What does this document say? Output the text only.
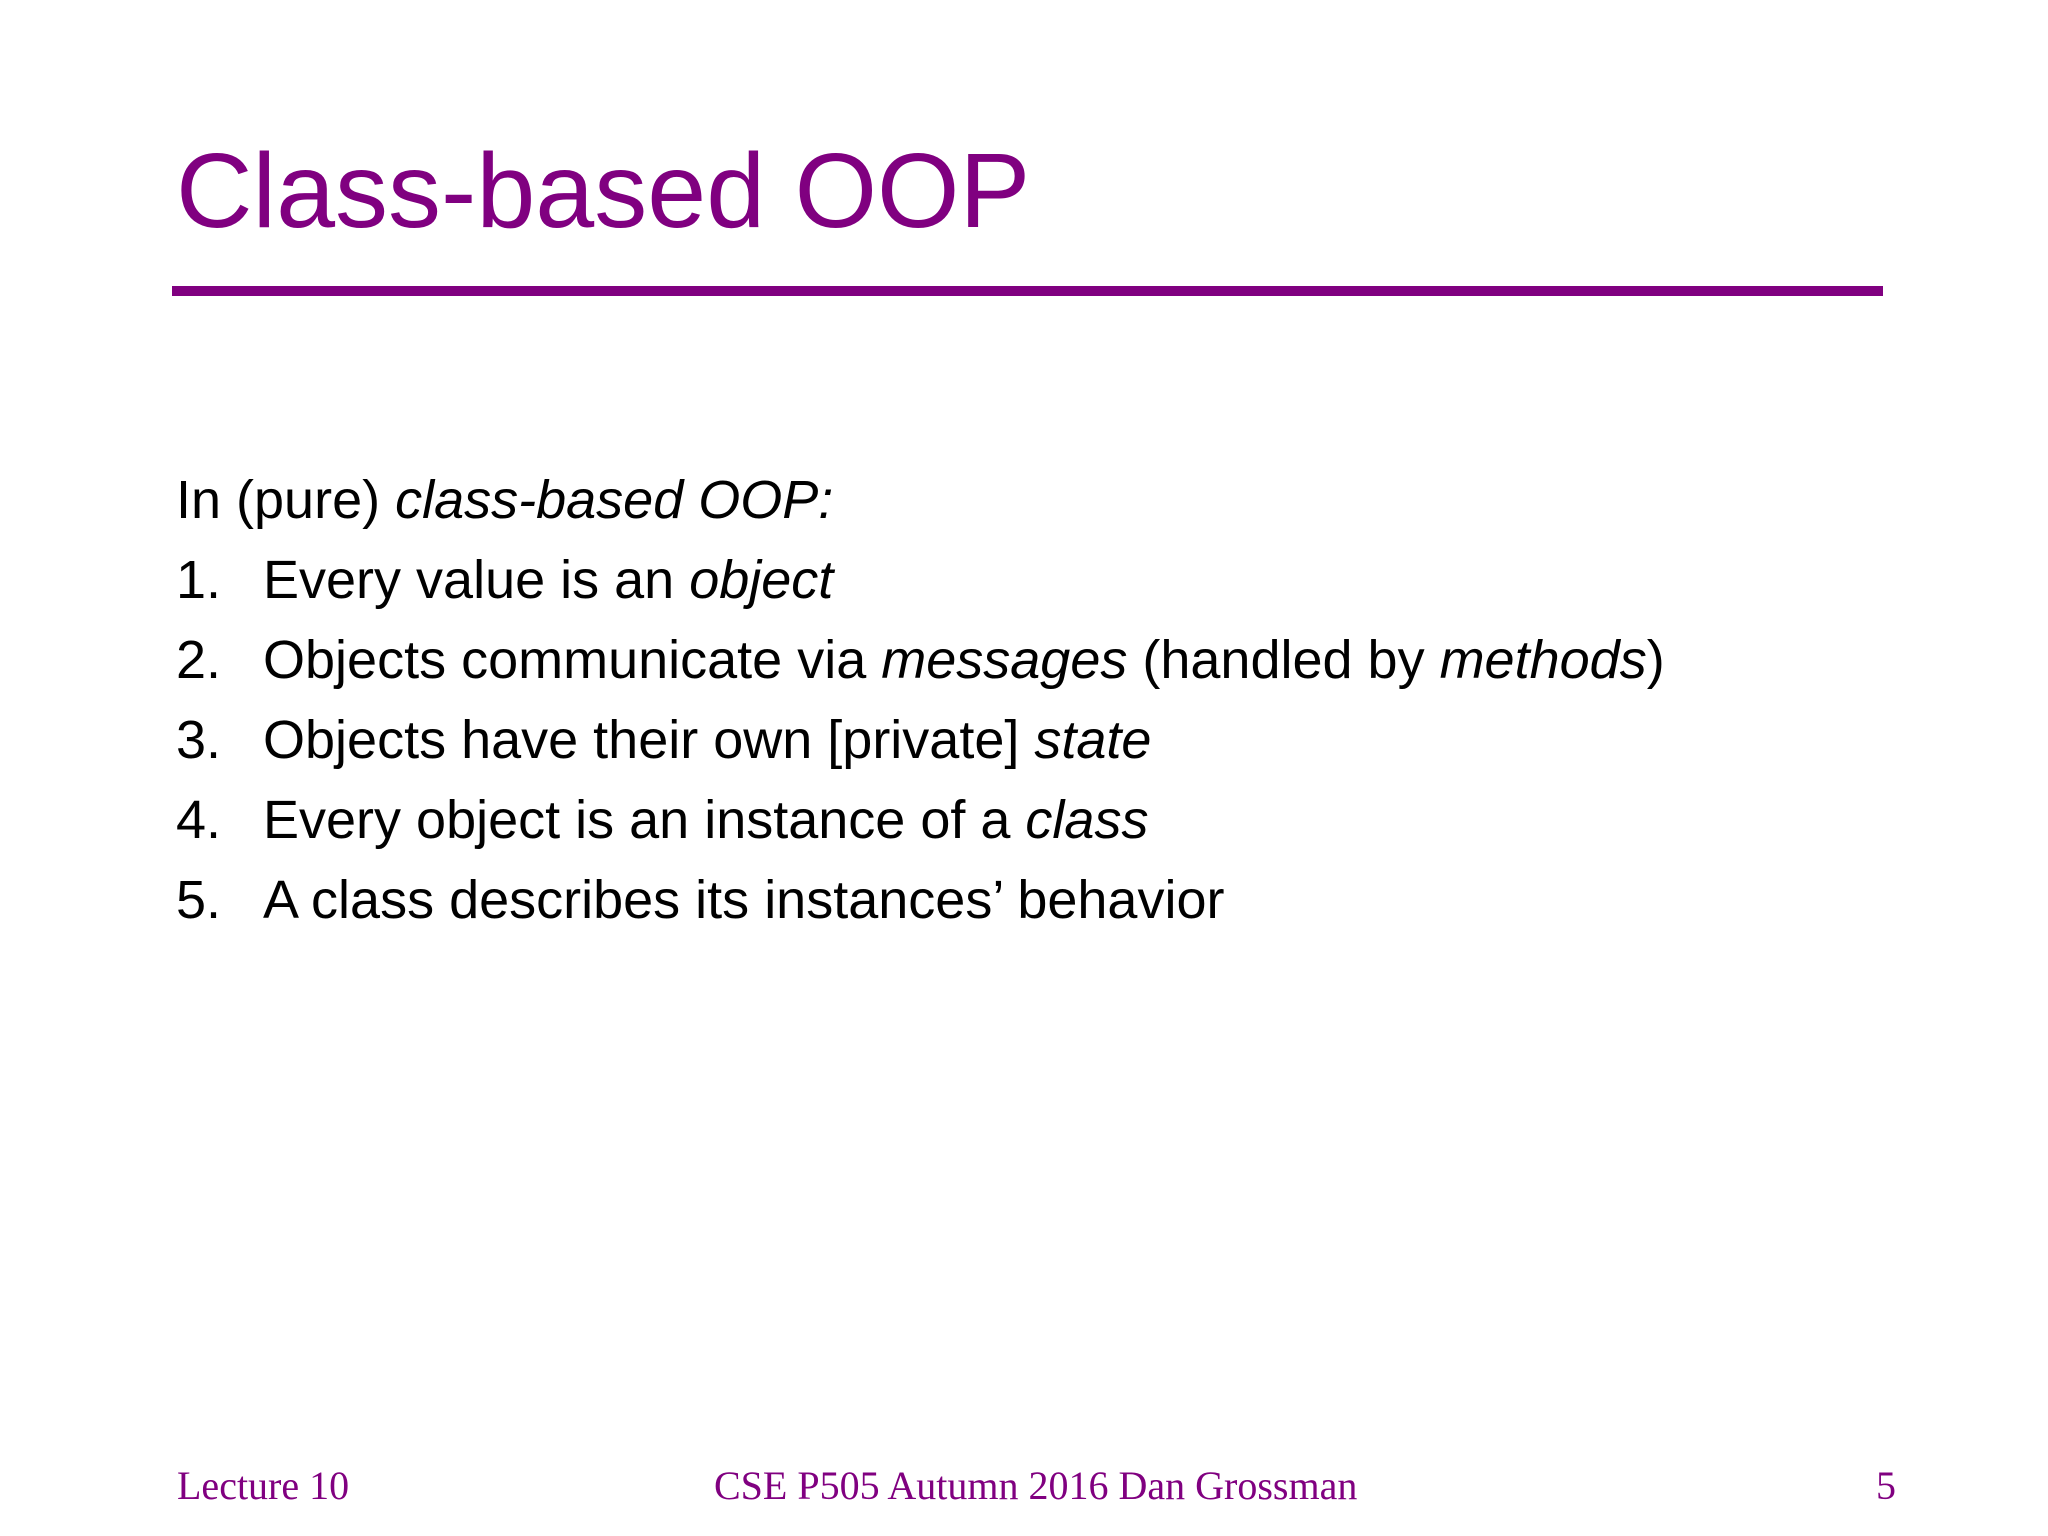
Class-based OOP
In (pure) class-based OOP:
1. Every value is an object
2. Objects communicate via messages (handled by methods)
3. Objects have their own [private] state
4. Every object is an instance of a class
5. A class describes its instances’ behavior
Lecture 10	CSE P505 Autumn 2016 Dan Grossman	5
